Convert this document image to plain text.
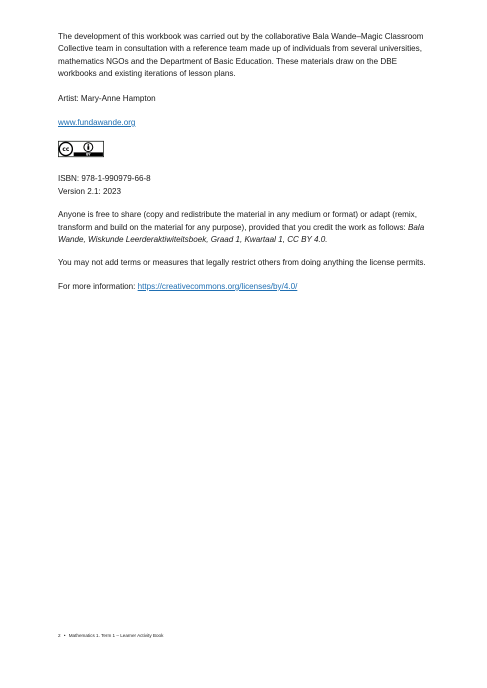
The development of this workbook was carried out by the collaborative Bala Wande–Magic Classroom Collective team in consultation with a reference team made up of individuals from several universities, mathematics NGOs and the Department of Basic Education. These materials draw on the DBE workbooks and existing iterations of lesson plans.

Artist: Mary-Anne Hampton

www.fundawande.org

BY
cc

ISBN: 978-1-990979-66-8
Version 2.1: 2023

Anyone is free to share (copy and redistribute the material in any medium or format) or adapt (remix, transform and build on the material for any purpose), provided that you credit the work as follows: Bala Wande, Wiskunde Leerderaktiwiteitsboek, Graad 1, Kwartaal 1, CC BY 4.0.

You may not add terms or measures that legally restrict others from doing anything the license permits.

For more information: https://creativecommons.org/licenses/by/4.0/

2 • Mathematics 1. Term 1 – Learner Activity Book
